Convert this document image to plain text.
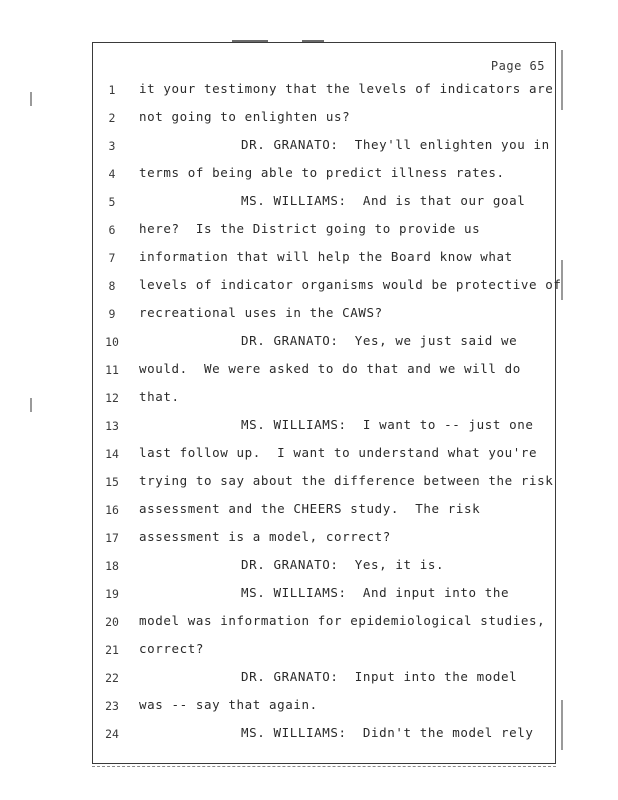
Page 65
1	it your testimony that the levels of indicators are
2	not going to enlighten us?
3	DR. GRANATO:  They'll enlighten you in
4	terms of being able to predict illness rates.
5	MS. WILLIAMS:  And is that our goal
6	here?  Is the District going to provide us
7	information that will help the Board know what
8	levels of indicator organisms would be protective of
9	recreational uses in the CAWS?
10	DR. GRANATO:  Yes, we just said we
11	would.  We were asked to do that and we will do
12	that.
13	MS. WILLIAMS:  I want to -- just one
14	last follow up.  I want to understand what you're
15	trying to say about the difference between the risk
16	assessment and the CHEERS study.  The risk
17	assessment is a model, correct?
18	DR. GRANATO:  Yes, it is.
19	MS. WILLIAMS:  And input into the
20	model was information for epidemiological studies,
21	correct?
22	DR. GRANATO:  Input into the model
23	was -- say that again.
24	MS. WILLIAMS:  Didn't the model rely
